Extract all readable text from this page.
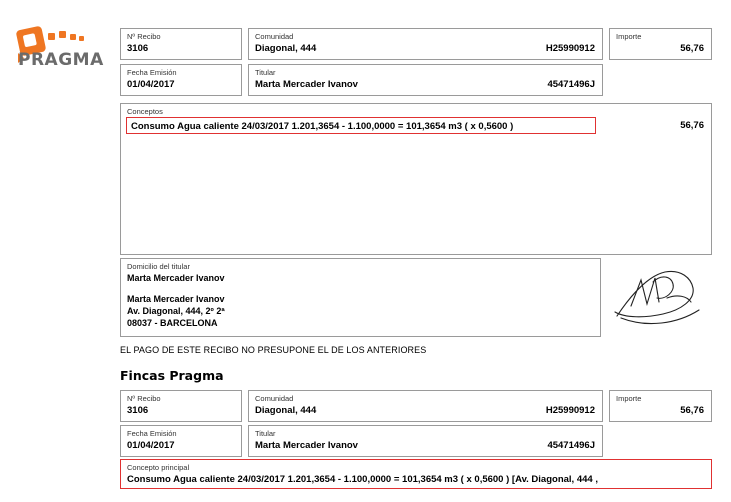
PRAGMA
Nº Recibo
3106
Comunidad
Diagonal, 444	H25990912
Importe
56,76
Fecha Emisión
01/04/2017
Titular
Marta Mercader Ivanov	45471496J
Conceptos
Consumo Agua caliente 24/03/2017 1.201,3654 - 1.100,0000 = 101,3654 m3 ( x 0,5600 )	56,76
Domicilio del titular
Marta Mercader Ivanov
Marta Mercader Ivanov
Av. Diagonal, 444, 2º 2ª
08037 - BARCELONA
EL PAGO DE ESTE RECIBO NO PRESUPONE EL DE LOS ANTERIORES
Fincas Pragma
Nº Recibo
3106
Comunidad
Diagonal, 444	H25990912
Importe
56,76
Fecha Emisión
01/04/2017
Titular
Marta Mercader Ivanov	45471496J
Concepto principal
Consumo Agua caliente 24/03/2017 1.201,3654 - 1.100,0000 = 101,3654 m3 ( x 0,5600 ) [Av. Diagonal, 444 ,
